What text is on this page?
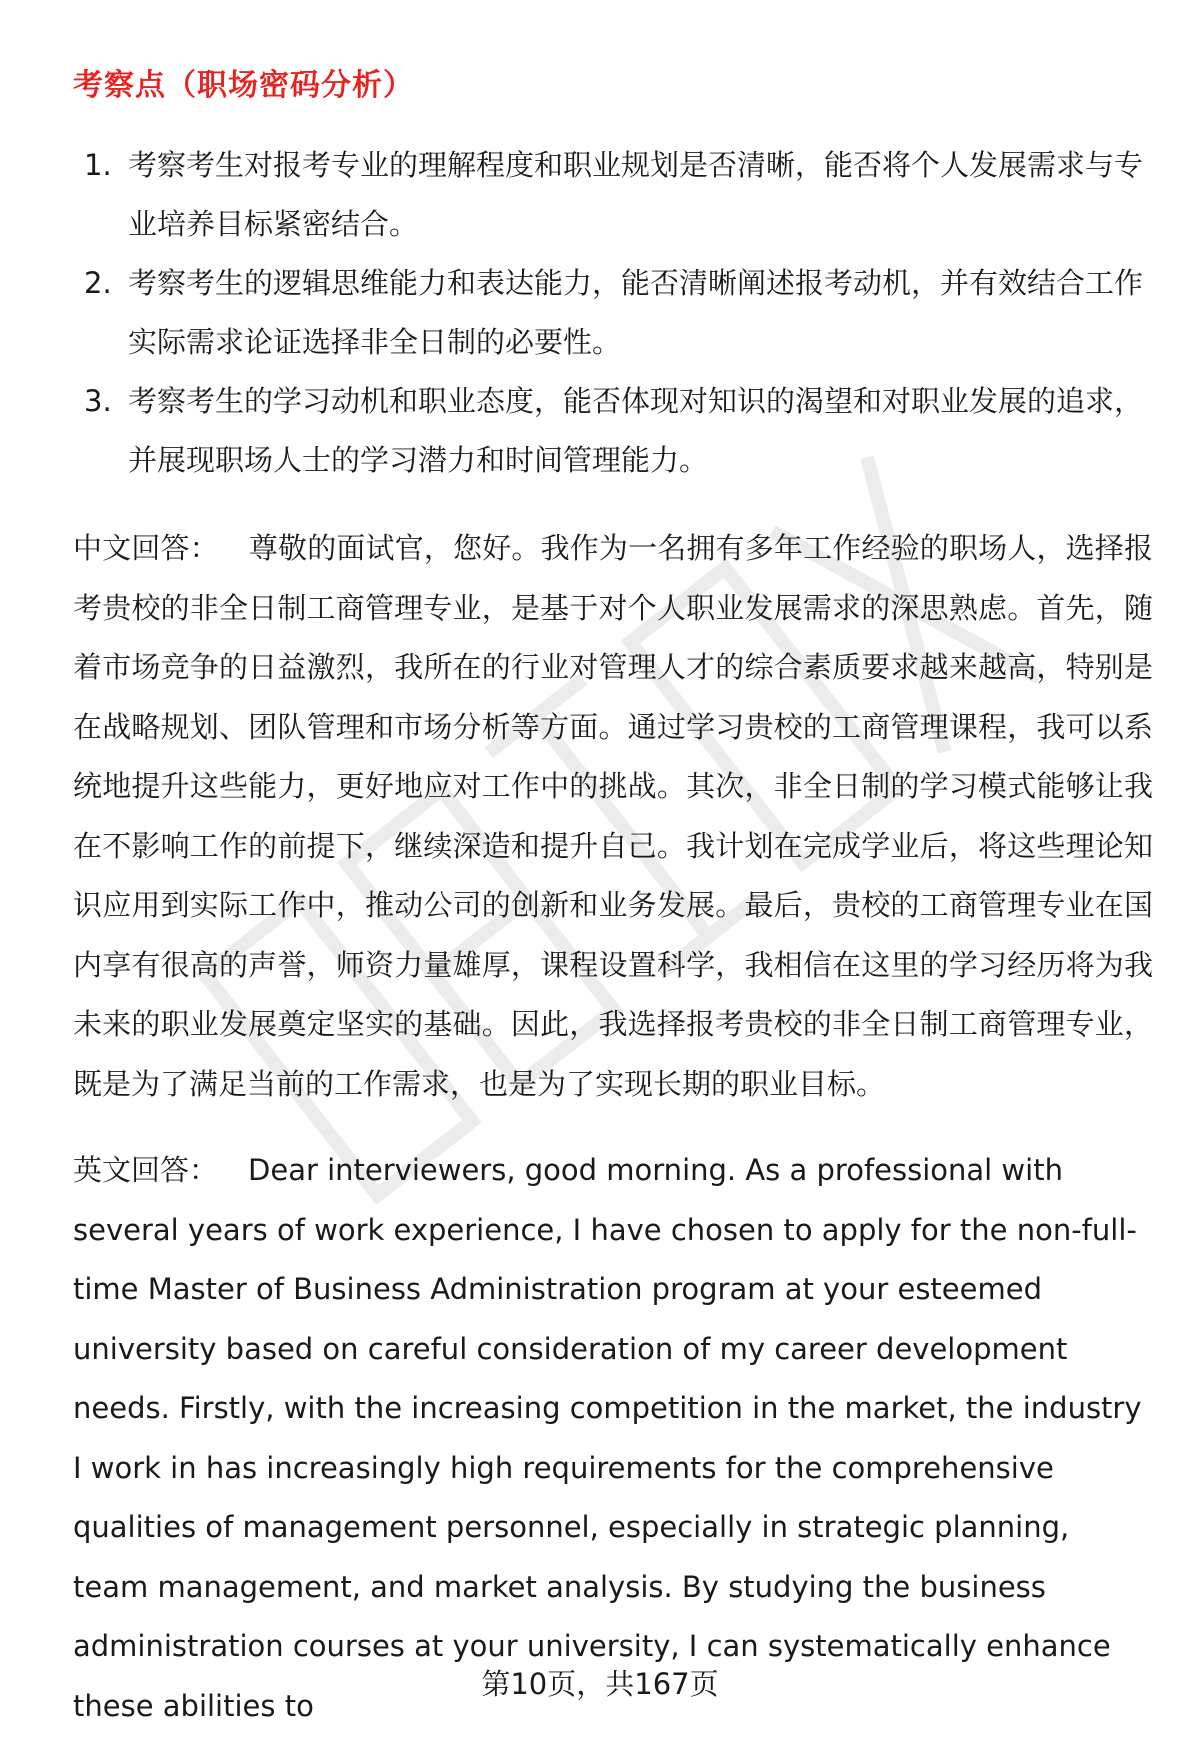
考察点（职场密码分析）
1. 考察考生对报考专业的理解程度和职业规划是否清晰，能否将个人发展需求与专业培养目标紧密结合。
2. 考察考生的逻辑思维能力和表达能力，能否清晰阐述报考动机，并有效结合工作实际需求论证选择非全日制的必要性。
3. 考察考生的学习动机和职业态度，能否体现对知识的渴望和对职业发展的追求，并展现职场人士的学习潜力和时间管理能力。

中文回答： 尊敬的面试官，您好。我作为一名拥有多年工作经验的职场人，选择报考贵校的非全日制工商管理专业，是基于对个人职业发展需求的深思熟虑。首先，随着市场竞争的日益激烈，我所在的行业对管理人才的综合素质要求越来越高，特别是在战略规划、团队管理和市场分析等方面。通过学习贵校的工商管理课程，我可以系统地提升这些能力，更好地应对工作中的挑战。其次，非全日制的学习模式能够让我在不影响工作的前提下，继续深造和提升自己。我计划在完成学业后，将这些理论知识应用到实际工作中，推动公司的创新和业务发展。最后，贵校的工商管理专业在国内享有很高的声誉，师资力量雄厚，课程设置科学，我相信在这里的学习经历将为我未来的职业发展奠定坚实的基础。因此，我选择报考贵校的非全日制工商管理专业，既是为了满足当前的工作需求，也是为了实现长期的职业目标。

英文回答： Dear interviewers, good morning. As a professional with several years of work experience, I have chosen to apply for the non-full-time Master of Business Administration program at your esteemed university based on careful consideration of my career development needs. Firstly, with the increasing competition in the market, the industry I work in has increasingly high requirements for the comprehensive qualities of management personnel, especially in strategic planning, team management, and market analysis. By studying the business administration courses at your university, I can systematically enhance these abilities to

第10页，共167页
